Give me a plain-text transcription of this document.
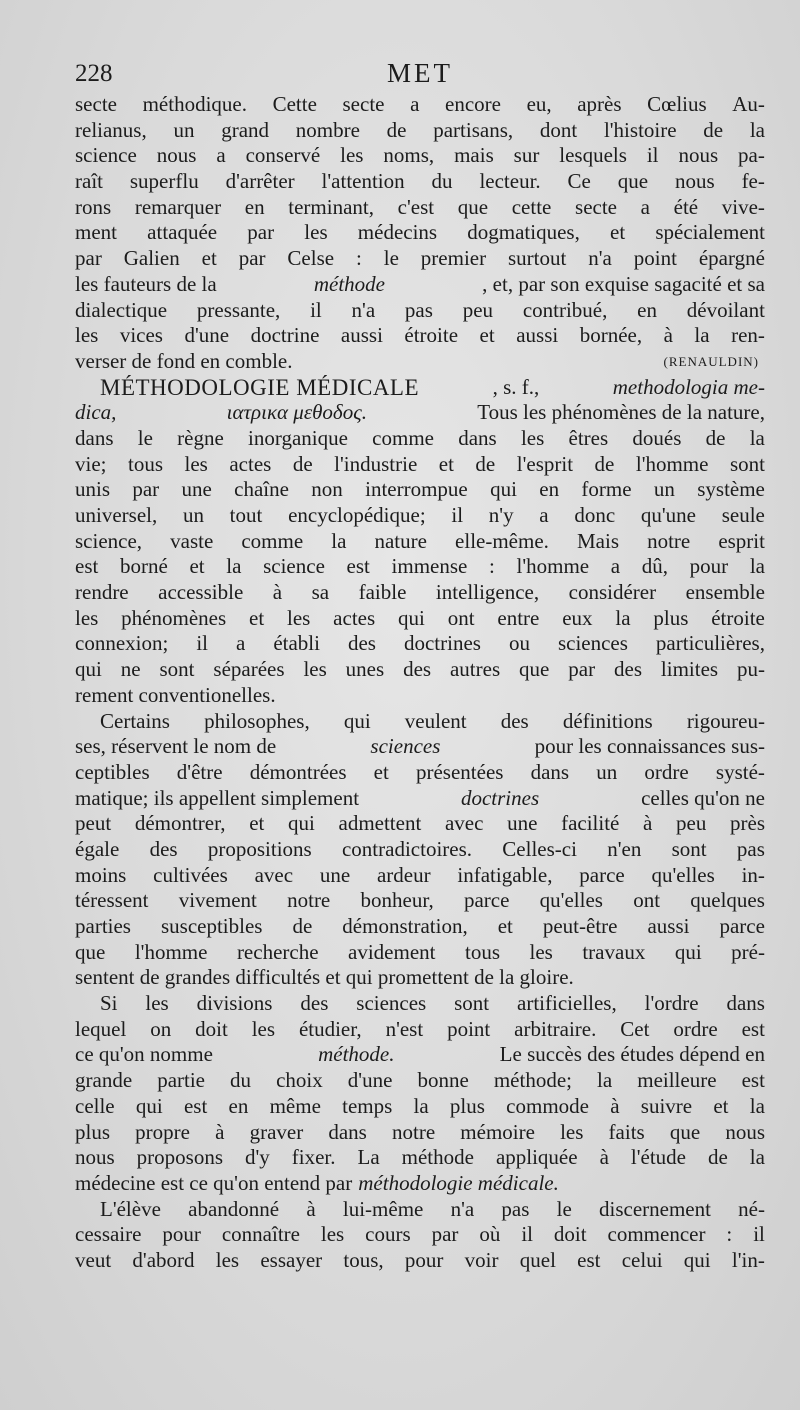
228	MET
secte méthodique. Cette secte a encore eu, après Cœlius Au-
relianus, un grand nombre de partisans, dont l'histoire de la
science nous a conservé les noms, mais sur lesquels il nous pa-
raît superflu d'arrêter l'attention du lecteur. Ce que nous fe-
rons remarquer en terminant, c'est que cette secte a été vive-
ment attaquée par les médecins dogmatiques, et spécialement
par Galien et par Celse : le premier surtout n'a point épargné
les fauteurs de la	méthode	, et, par son exquise sagacité et sa
dialectique pressante, il n'a pas peu contribué, en dévoilant
les vices d'une doctrine aussi étroite et aussi bornée, à la ren-
verser de fond en comble.	(RENAULDIN)
MÉTHODOLOGIE MÉDICALE	, s. f.,	methodologia me-
dica,	ιατρικα μεθοδος.	Tous les phénomènes de la nature,
dans le règne inorganique comme dans les êtres doués de la
vie; tous les actes de l'industrie et de l'esprit de l'homme sont
unis par une chaîne non interrompue qui en forme un système
universel, un tout encyclopédique; il n'y a donc qu'une seule
science, vaste comme la nature elle-même. Mais notre esprit
est borné et la science est immense : l'homme a dû, pour la
rendre accessible à sa faible intelligence, considérer ensemble
les phénomènes et les actes qui ont entre eux la plus étroite
connexion; il a établi des doctrines ou sciences particulières,
qui ne sont séparées les unes des autres que par des limites pu-
rement conventionelles.
Certains philosophes, qui veulent des définitions rigoureu-
ses, réservent le nom de	sciences	pour les connaissances sus-
ceptibles d'être démontrées et présentées dans un ordre systé-
matique; ils appellent simplement	doctrines	celles qu'on ne
peut démontrer, et qui admettent avec une facilité à peu près
égale des propositions contradictoires. Celles-ci n'en sont pas
moins cultivées avec une ardeur infatigable, parce qu'elles in-
téressent vivement notre bonheur, parce qu'elles ont quelques
parties susceptibles de démonstration, et peut-être aussi parce
que l'homme recherche avidement tous les travaux qui pré-
sentent de grandes difficultés et qui promettent de la gloire.
Si les divisions des sciences sont artificielles, l'ordre dans
lequel on doit les étudier, n'est point arbitraire. Cet ordre est
ce qu'on nomme	méthode.	Le succès des études dépend en
grande partie du choix d'une bonne méthode; la meilleure est
celle qui est en même temps la plus commode à suivre et la
plus propre à graver dans notre mémoire les faits que nous
nous proposons d'y fixer. La méthode appliquée à l'étude de la
médecine est ce qu'on entend par méthodologie médicale.
L'élève abandonné à lui-même n'a pas le discernement né-
cessaire pour connaître les cours par où il doit commencer : il
veut d'abord les essayer tous, pour voir quel est celui qui l'in-
